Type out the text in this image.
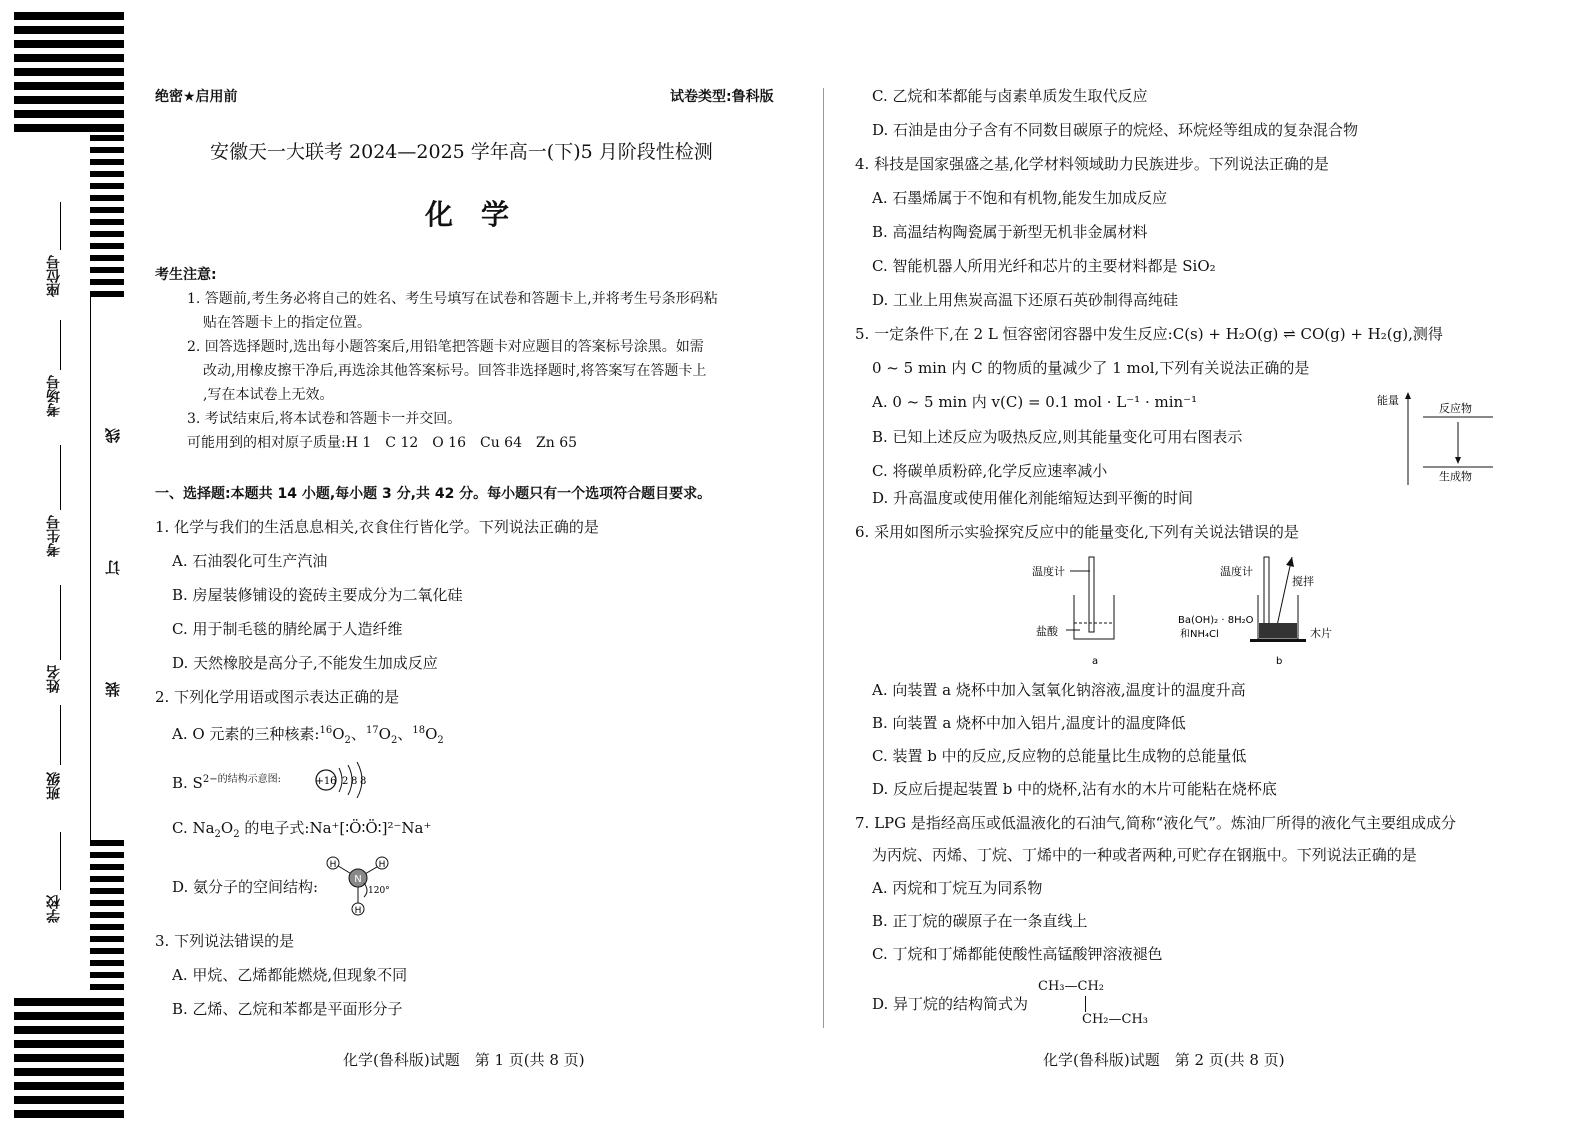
学校
班级
姓名
考生号
考场号
座位号
线
订
装
绝密★启用前	试卷类型:鲁科版
安徽天一大联考 2024—2025 学年高一(下)5 月阶段性检测
化　学
考生注意:
1. 答题前,考生务必将自己的姓名、考生号填写在试卷和答题卡上,并将考生号条形码粘
贴在答题卡上的指定位置。
2. 回答选择题时,选出每小题答案后,用铅笔把答题卡对应题目的答案标号涂黑。如需
改动,用橡皮擦干净后,再选涂其他答案标号。回答非选择题时,将答案写在答题卡上
,写在本试卷上无效。
3. 考试结束后,将本试卷和答题卡一并交回。
可能用到的相对原子质量:H 1　C 12　O 16　Cu 64　Zn 65
一、选择题:本题共 14 小题,每小题 3 分,共 42 分。每小题只有一个选项符合题目要求。
1. 化学与我们的生活息息相关,衣食住行皆化学。下列说法正确的是
A. 石油裂化可生产汽油
B. 房屋装修铺设的瓷砖主要成分为二氧化硅
C. 用于制毛毯的腈纶属于人造纤维
D. 天然橡胶是高分子,不能发生加成反应
2. 下列化学用语或图示表达正确的是
A. O 元素的三种核素$:^{16}O_2$、$^{17}O_2$、$^{18}O_2$
B. $S^{2-的结构示意图:}$	+16 2 8 8
C. $Na_2O_2$ 的电子式:Na⁺[∶Ö∶Ö∶]²⁻Na⁺
D. 氨分子的空间结构:	N
H	H
H
120°
3. 下列说法错误的是
A. 甲烷、乙烯都能燃烧,但现象不同
B. 乙烯、乙烷和苯都是平面形分子
C. 乙烷和苯都能与卤素单质发生取代反应
D. 石油是由分子含有不同数目碳原子的烷烃、环烷烃等组成的复杂混合物
4. 科技是国家强盛之基,化学材料领域助力民族进步。下列说法正确的是
A. 石墨烯属于不饱和有机物,能发生加成反应
B. 高温结构陶瓷属于新型无机非金属材料
C. 智能机器人所用光纤和芯片的主要材料都是 SiO₂
D. 工业上用焦炭高温下还原石英砂制得高纯硅
5. 一定条件下,在 2 L 恒容密闭容器中发生反应:C(s) + H₂O(g) ⇌ CO(g) + H₂(g),测得
0 ~ 5 min 内 C 的物质的量减少了 1 mol,下列有关说法正确的是
A. 0 ~ 5 min 内 v(C) = 0.1 mol · L⁻¹ · min⁻¹
B. 已知上述反应为吸热反应,则其能量变化可用右图表示
C. 将碳单质粉碎,化学反应速率减小
D. 升高温度或使用催化剂能缩短达到平衡的时间
能量
反应物
生成物
6. 采用如图所示实验探究反应中的能量变化,下列有关说法错误的是
温度计
盐酸
a
温度计
搅拌
Ba(OH)₂ · 8H₂O
和NH₄Cl	木片
b
A. 向装置 a 烧杯中加入氢氧化钠溶液,温度计的温度升高
B. 向装置 a 烧杯中加入铝片,温度计的温度降低
C. 装置 b 中的反应,反应物的总能量比生成物的总能量低
D. 反应后提起装置 b 中的烧杯,沾有水的木片可能粘在烧杯底
7. LPG 是指经高压或低温液化的石油气,简称“液化气”。炼油厂所得的液化气主要组成成分
为丙烷、丙烯、丁烷、丁烯中的一种或者两种,可贮存在钢瓶中。下列说法正确的是
A. 丙烷和丁烷互为同系物
B. 正丁烷的碳原子在一条直线上
C. 丁烷和丁烯都能使酸性高锰酸钾溶液褪色
D. 异丁烷的结构简式为
CH₃—CH₂
CH₂—CH₃
化学(鲁科版)试题　第 1 页(共 8 页)	化学(鲁科版)试题　第 2 页(共 8 页)
